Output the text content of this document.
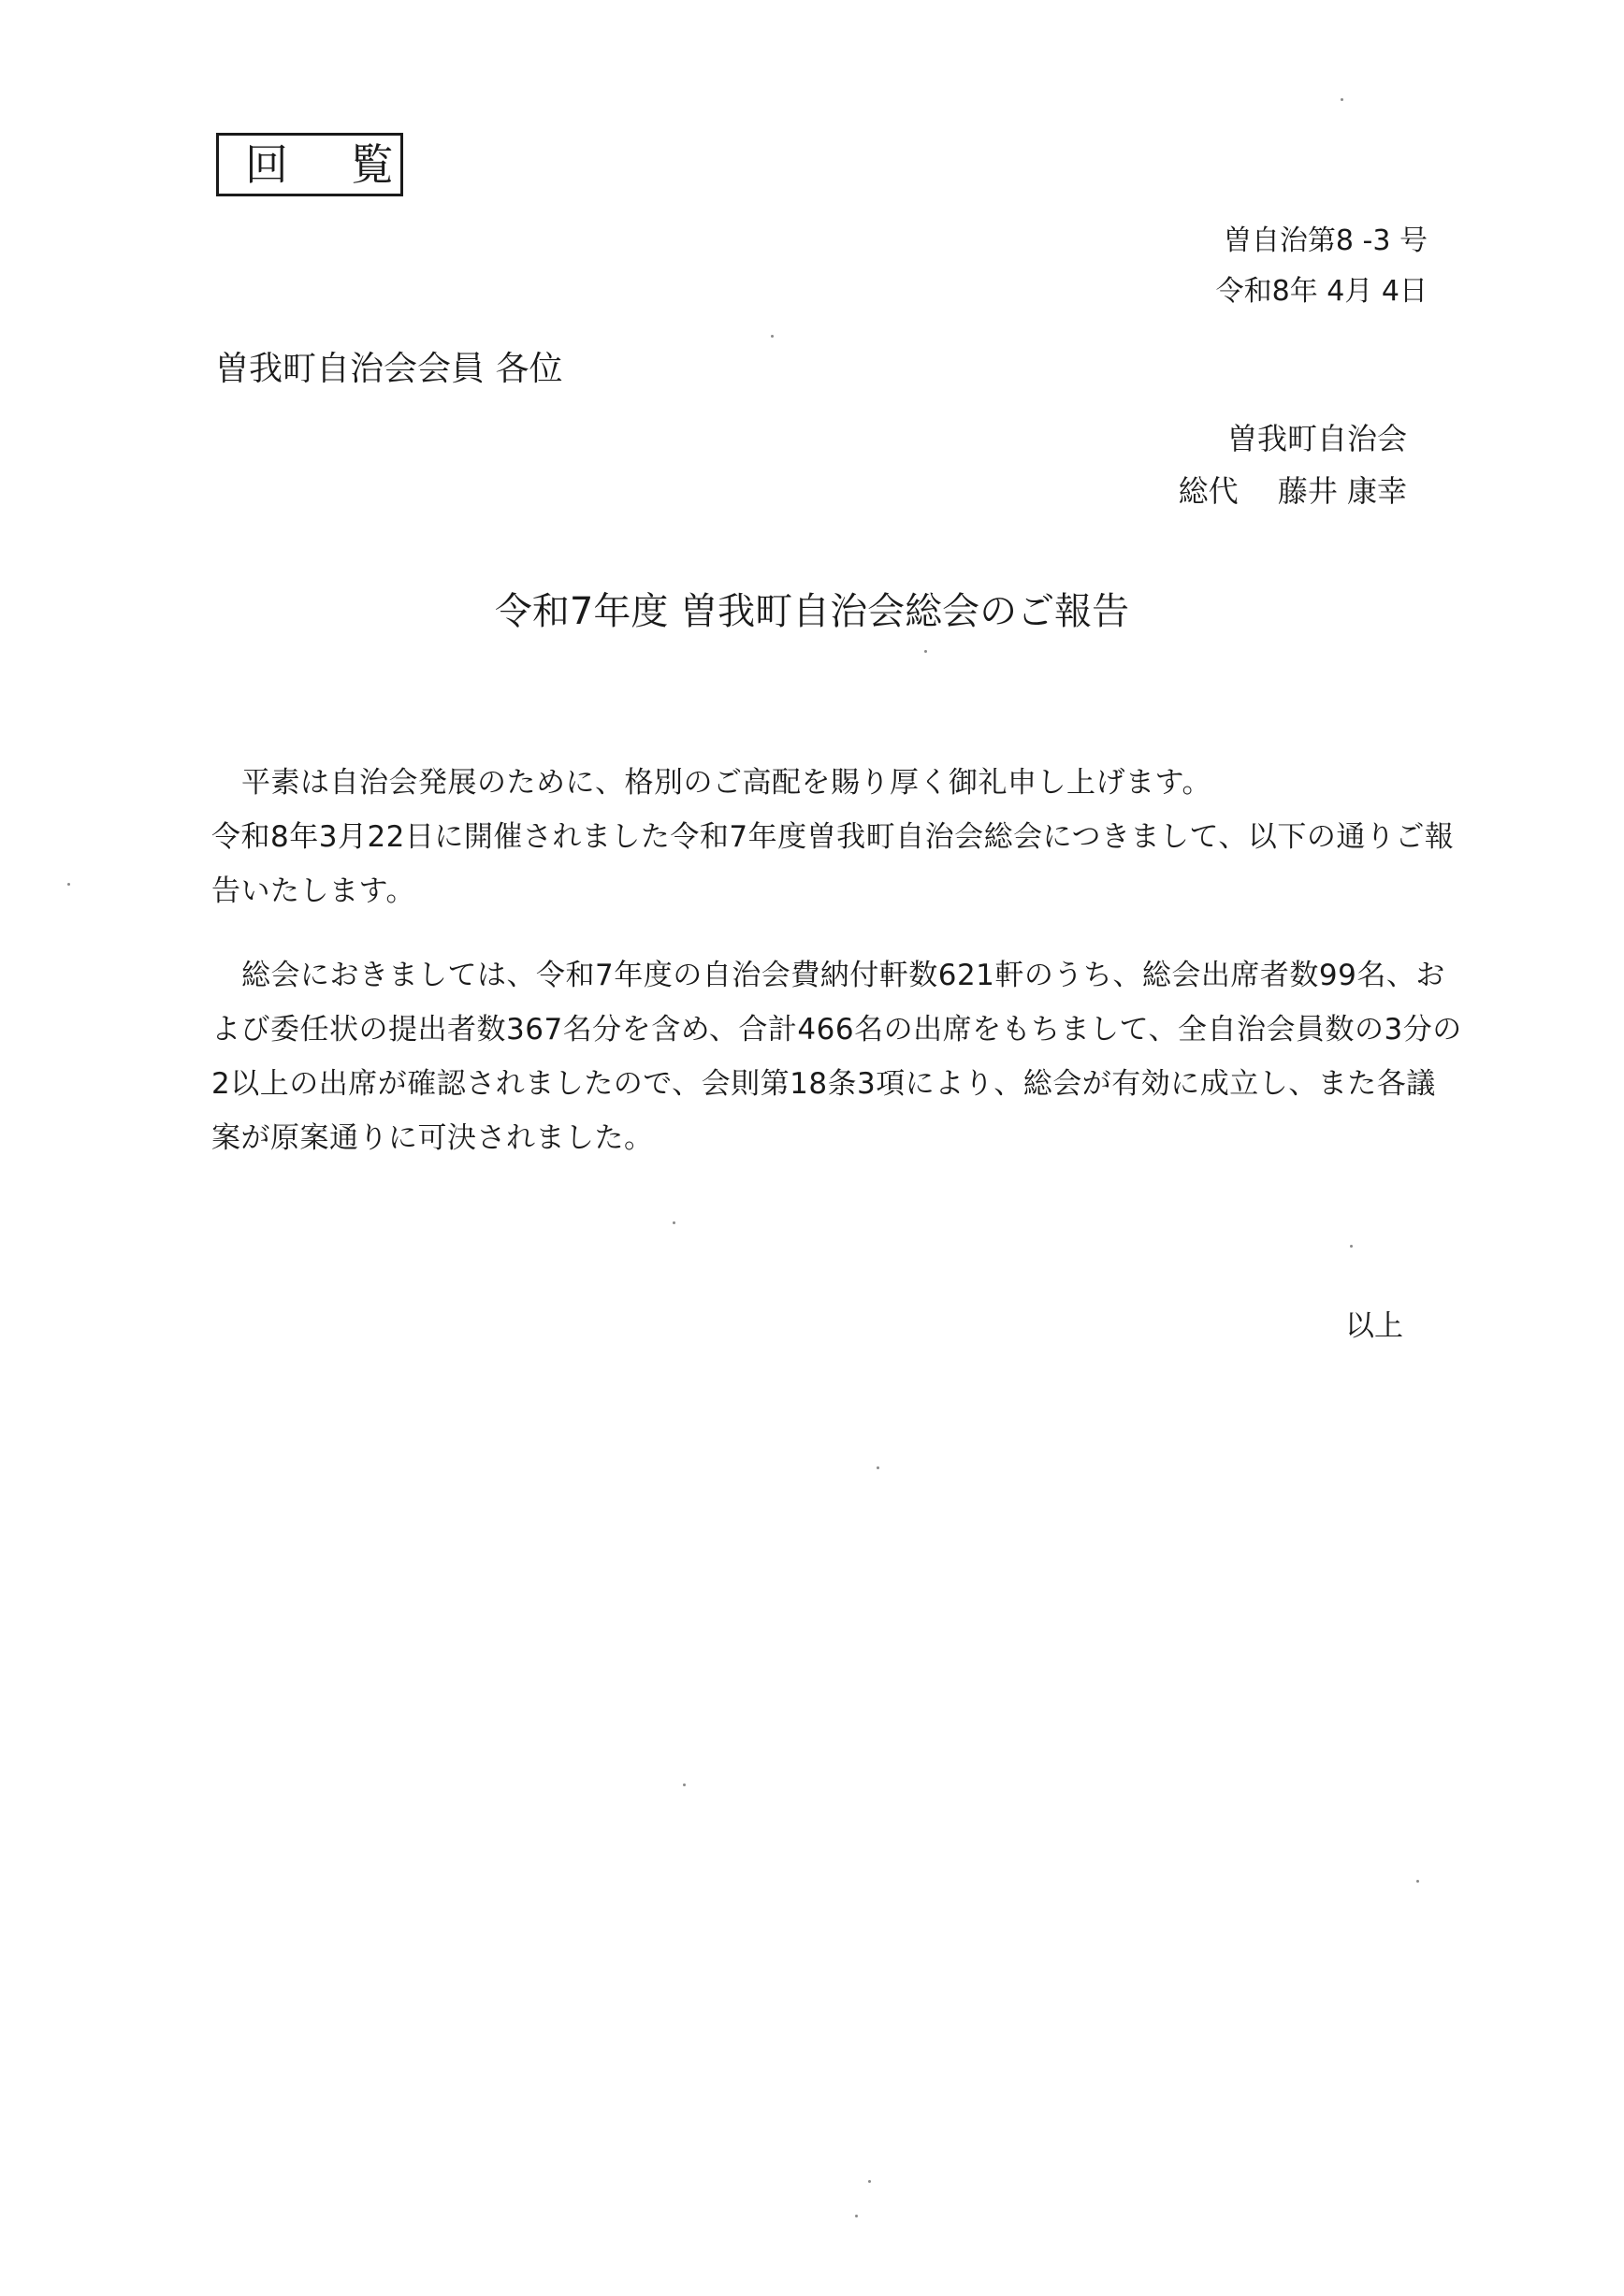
回 覧
曽自治第8 -3 号
令和8年 4月 4日
曽我町自治会会員 各位
曽我町自治会
総代　 藤井 康幸
令和7年度 曽我町自治会総会のご報告
平素は自治会発展のために、格別のご高配を賜り厚く御礼申し上げます。
令和8年3月22日に開催されました令和7年度曽我町自治会総会につきまして、以下の通りご報告いたします。
総会におきましては、令和7年度の自治会費納付軒数621軒のうち、総会出席者数99名、および委任状の提出者数367名分を含め、合計466名の出席をもちまして、全自治会員数の3分の2以上の出席が確認されましたので、会則第18条3項により、総会が有効に成立し、また各議案が原案通りに可決されました。
以上
